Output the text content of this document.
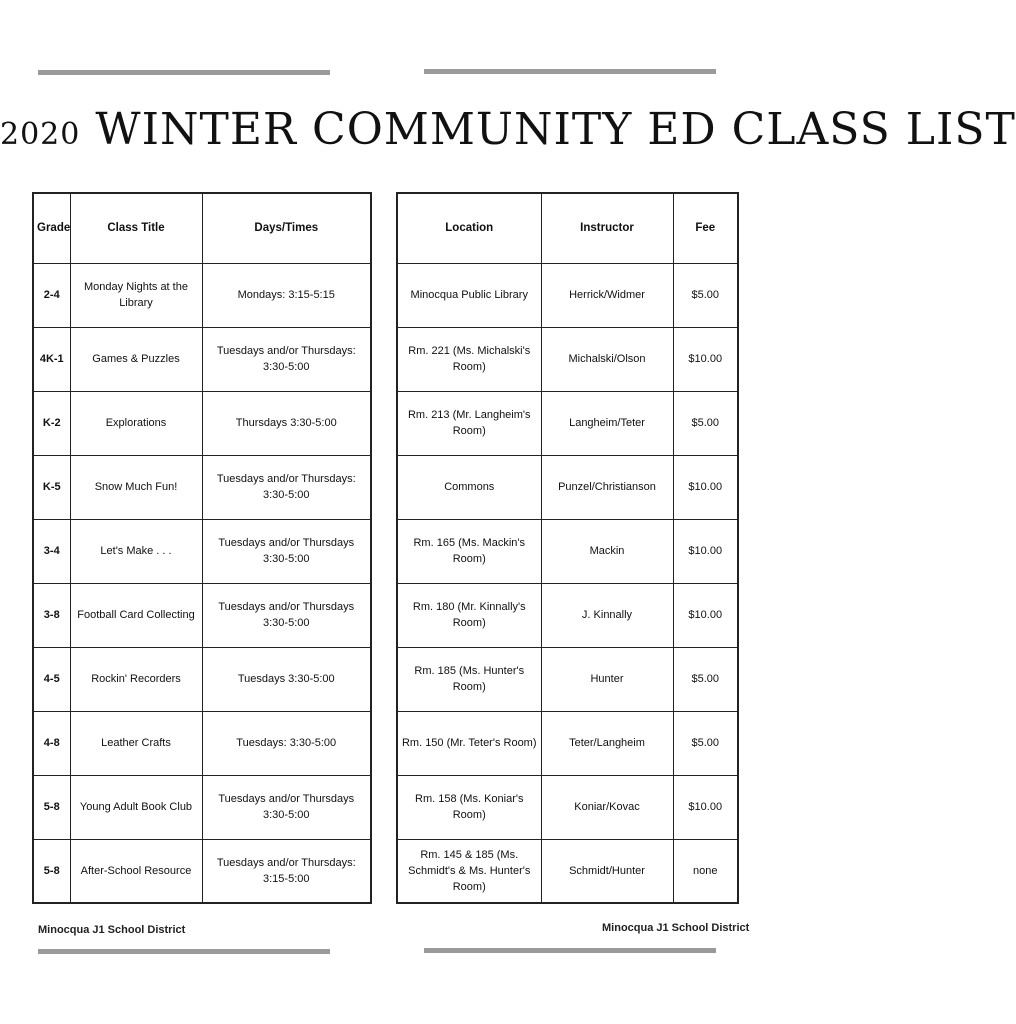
2020 WINTER COMMUNITY ED CLASS LIST
Grade	Class Title	Days/Times
2-4	Monday Nights at the Library	Mondays: 3:15-5:15
4K-1	Games & Puzzles	Tuesdays and/or Thursdays: 3:30-5:00
K-2	Explorations	Thursdays 3:30-5:00
K-5	Snow Much Fun!	Tuesdays and/or Thursdays: 3:30-5:00
3-4	Let's Make . . .	Tuesdays and/or Thursdays 3:30-5:00
3-8	Football Card Collecting	Tuesdays and/or Thursdays 3:30-5:00
4-5	Rockin' Recorders	Tuesdays 3:30-5:00
4-8	Leather Crafts	Tuesdays: 3:30-5:00
5-8	Young Adult Book Club	Tuesdays and/or Thursdays 3:30-5:00
5-8	After-School Resource	Tuesdays and/or Thursdays: 3:15-5:00
Location	Instructor	Fee
Minocqua Public Library	Herrick/Widmer	$5.00
Rm. 221 (Ms. Michalski's Room)	Michalski/Olson	$10.00
Rm. 213 (Mr. Langheim's Room)	Langheim/Teter	$5.00
Commons	Punzel/Christianson	$10.00
Rm. 165 (Ms. Mackin's Room)	Mackin	$10.00
Rm. 180 (Mr. Kinnally's Room)	J. Kinnally	$10.00
Rm. 185 (Ms. Hunter's Room)	Hunter	$5.00
Rm. 150 (Mr. Teter's Room)	Teter/Langheim	$5.00
Rm. 158 (Ms. Koniar's Room)	Koniar/Kovac	$10.00
Rm. 145 & 185 (Ms. Schmidt's & Ms. Hunter's Room)	Schmidt/Hunter	none
Minocqua J1 School District	Minocqua J1 School District
